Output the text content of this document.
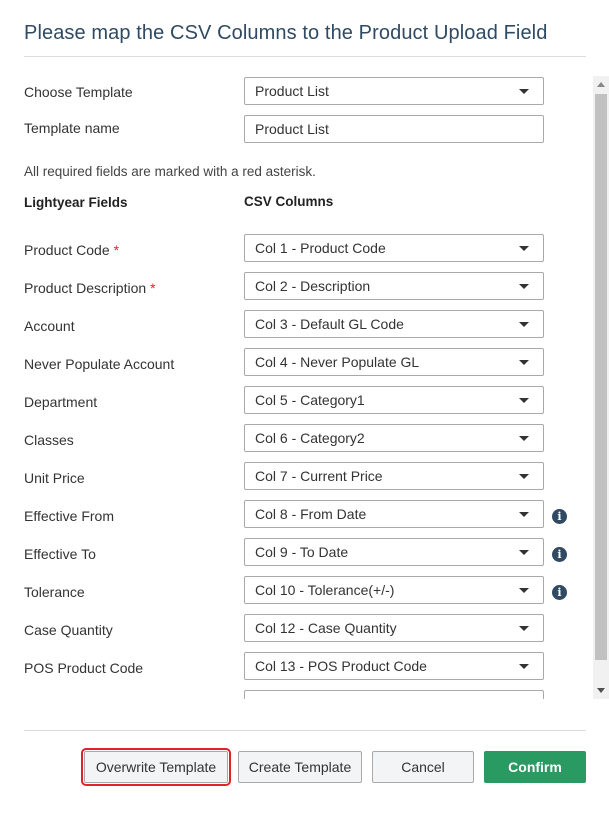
Please map the CSV Columns to the Product Upload Field
Choose Template	Product List
Template name	Product List
All required fields are marked with a red asterisk.
Lightyear Fields	CSV Columns
Product Code *	Col 1 - Product Code
Product Description *	Col 2 - Description
Account	Col 3 - Default GL Code
Never Populate Account	Col 4 - Never Populate GL
Department	Col 5 - Category1
Classes	Col 6 - Category2
Unit Price	Col 7 - Current Price
Effective From	Col 8 - From Date	i
Effective To	Col 9 - To Date	i
Tolerance	Col 10 - Tolerance(+/-)	i
Case Quantity	Col 12 - Case Quantity
POS Product Code	Col 13 - POS Product Code
Overwrite Template	Create Template	Cancel	Confirm
